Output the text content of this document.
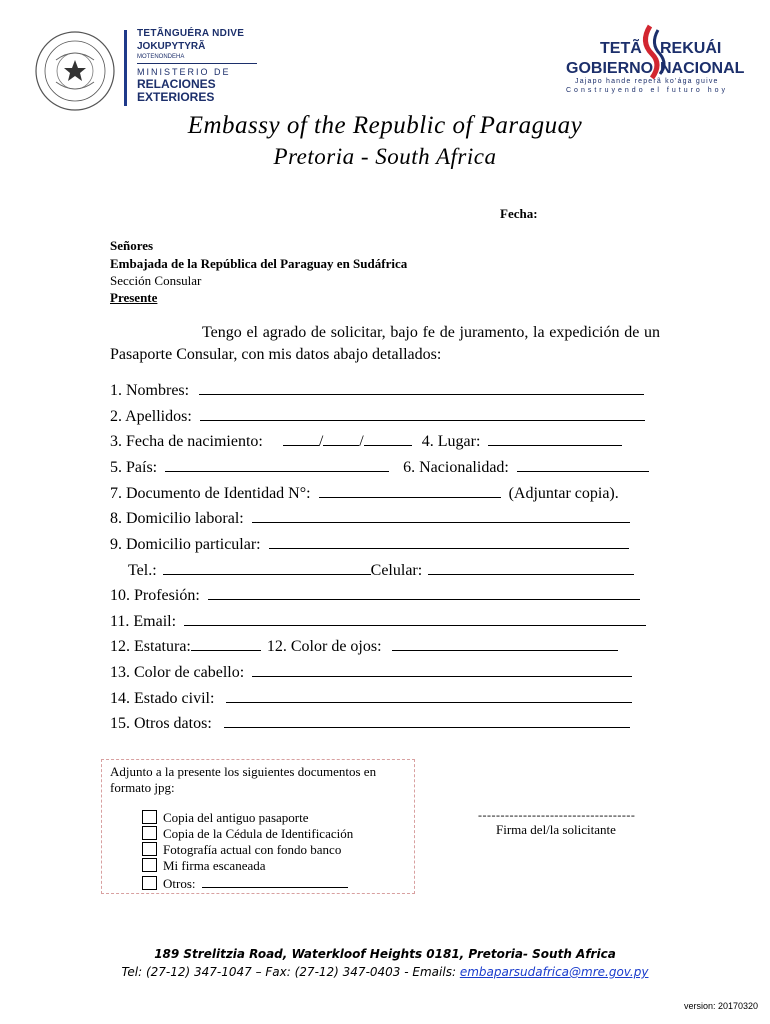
TETÃNGUÉRA NDIVE
JOKUPYTYRÃ
MOTENONDEHA
MINISTERIO DE
RELACIONES
EXTERIORES
TETÃ REKUÁI
GOBIERNO NACIONAL
Jajapo hande reperã ko'ága guive
Construyendo el futuro hoy
Embassy of the Republic of Paraguay
Pretoria - South Africa
Fecha:
Señores
Embajada de la República del Paraguay en Sudáfrica
Sección Consular
Presente
Tengo el agrado de solicitar, bajo fe de juramento, la expedición de un Pasaporte Consular, con mis datos abajo detallados:
1. Nombres:
2. Apellidos:
3. Fecha de nacimiento:	/ /	4. Lugar:
5. País:	6. Nacionalidad:
7. Documento de Identidad N°:	(Adjuntar copia).
8. Domicilio laboral:
9. Domicilio particular:
Tel.:	Celular:
10. Profesión:
11. Email:
12. Estatura:	12. Color de ojos:
13. Color de cabello:
14. Estado civil:
15. Otros datos:
Adjunto a la presente los siguientes documentos en formato jpg:
Copia del antiguo pasaporte
Copia de la Cédula de Identificación
Fotografía actual con fondo banco
Mi firma escaneada
Otros:
-----------------------------------
Firma del/la solicitante
189 Strelitzia Road, Waterkloof Heights 0181, Pretoria- South Africa
Tel: (27-12) 347-1047 – Fax: (27-12) 347-0403 - Emails: embaparsudafrica@mre.gov.py
version: 20170320
